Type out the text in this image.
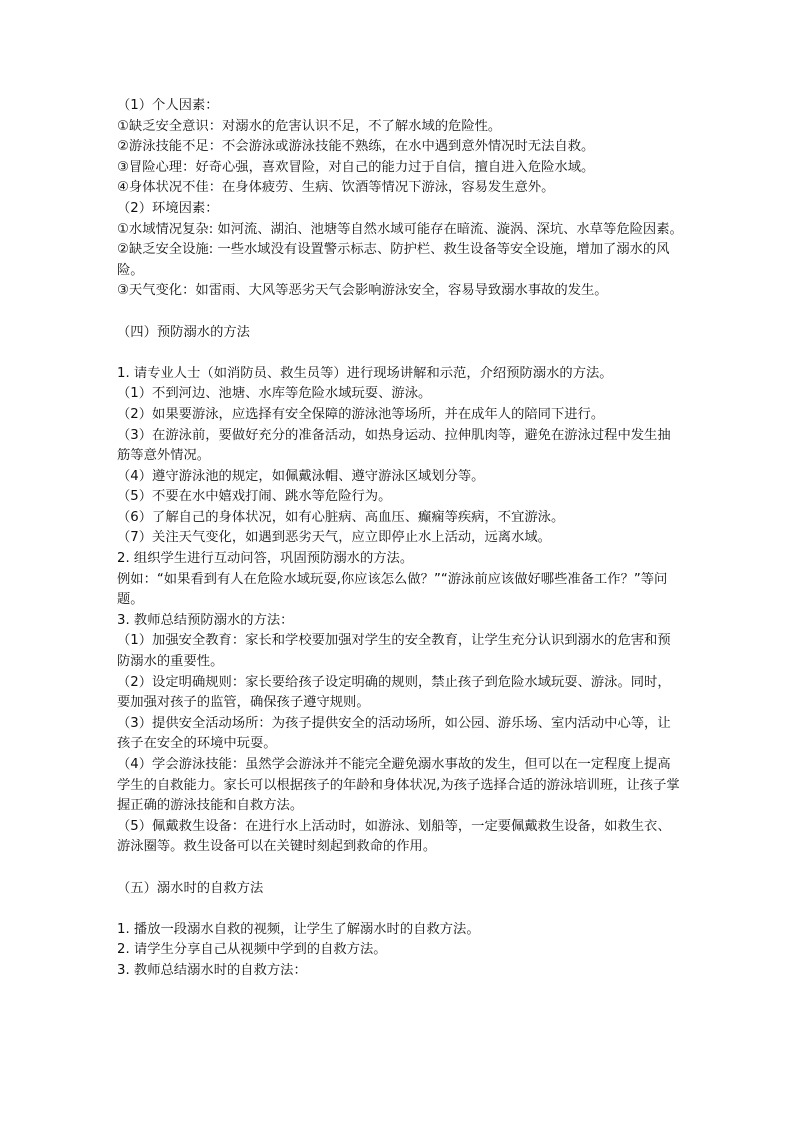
（1）个人因素：

①缺乏安全意识：对溺水的危害认识不足，不了解水域的危险性。

②游泳技能不足：不会游泳或游泳技能不熟练，在水中遇到意外情况时无法自救。

③冒险心理：好奇心强，喜欢冒险，对自己的能力过于自信，擅自进入危险水域。

④身体状况不佳：在身体疲劳、生病、饮酒等情况下游泳，容易发生意外。

（2）环境因素：

①水域情况复杂: 如河流、湖泊、池塘等自然水域可能存在暗流、漩涡、深坑、水草等危险因素。

②缺乏安全设施: 一些水域没有设置警示标志、防护栏、救生设备等安全设施，增加了溺水的风险。

③天气变化：如雷雨、大风等恶劣天气会影响游泳安全，容易导致溺水事故的发生。

（四）预防溺水的方法

1. 请专业人士（如消防员、救生员等）进行现场讲解和示范，介绍预防溺水的方法。

（1）不到河边、池塘、水库等危险水域玩耍、游泳。

（2）如果要游泳，应选择有安全保障的游泳池等场所，并在成年人的陪同下进行。

（3）在游泳前，要做好充分的准备活动，如热身运动、拉伸肌肉等，避免在游泳过程中发生抽筋等意外情况。

（4）遵守游泳池的规定，如佩戴泳帽、遵守游泳区域划分等。

（5）不要在水中嬉戏打闹、跳水等危险行为。

（6）了解自己的身体状况，如有心脏病、高血压、癫痫等疾病，不宜游泳。

（7）关注天气变化，如遇到恶劣天气，应立即停止水上活动，远离水域。

2. 组织学生进行互动问答，巩固预防溺水的方法。

例如：“如果看到有人在危险水域玩耍,你应该怎么做？”“游泳前应该做好哪些准备工作？”等问题。

3. 教师总结预防溺水的方法：

（1）加强安全教育：家长和学校要加强对学生的安全教育，让学生充分认识到溺水的危害和预防溺水的重要性。

（2）设定明确规则：家长要给孩子设定明确的规则，禁止孩子到危险水域玩耍、游泳。同时，要加强对孩子的监管，确保孩子遵守规则。

（3）提供安全活动场所：为孩子提供安全的活动场所，如公园、游乐场、室内活动中心等，让孩子在安全的环境中玩耍。

（4）学会游泳技能：虽然学会游泳并不能完全避免溺水事故的发生，但可以在一定程度上提高学生的自救能力。家长可以根据孩子的年龄和身体状况,为孩子选择合适的游泳培训班，让孩子掌握正确的游泳技能和自救方法。

（5）佩戴救生设备：在进行水上活动时，如游泳、划船等，一定要佩戴救生设备，如救生衣、游泳圈等。救生设备可以在关键时刻起到救命的作用。

（五）溺水时的自救方法

1. 播放一段溺水自救的视频，让学生了解溺水时的自救方法。

2. 请学生分享自己从视频中学到的自救方法。

3. 教师总结溺水时的自救方法：
